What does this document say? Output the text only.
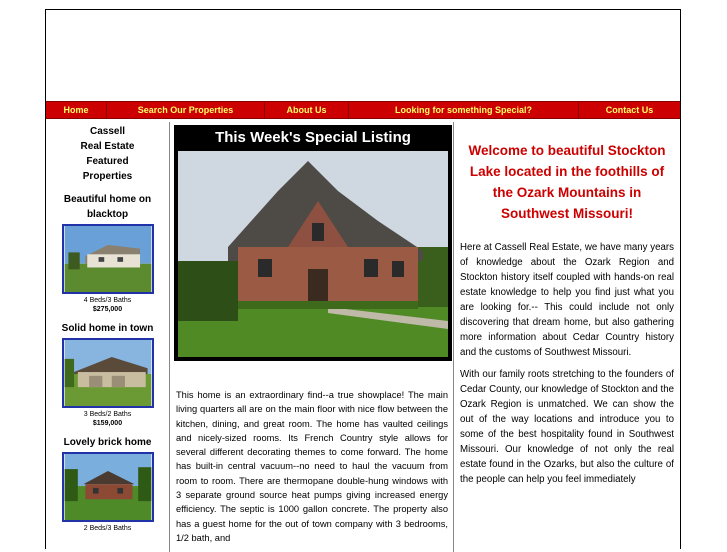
Home	Search Our Properties	About Us	Looking for something Special?	Contact Us
Cassell
Real Estate
Featured
Properties
Beautiful home on
blacktop
4 Beds/3 Baths
$275,000
Solid home in town
3 Beds/2 Baths
$159,000
Lovely brick home
2 Beds/3 Baths
This Week's Special Listing
This home is an extraordinary find--a true showplace! The main living quarters all are on the main floor with nice flow between the kitchen, dining, and great room. The home has vaulted ceilings and nicely-sized rooms. Its French Country style allows for several different decorating themes to come forward. The home has built-in central vacuum--no need to haul the vacuum from room to room. There are thermopane double-hung windows with 3 separate ground source heat pumps giving increased energy efficiency. The septic is 1000 gallon concrete. The property also has a guest home for the out of town company with 3 bedrooms, 1/2 bath, and
Welcome to beautiful Stockton Lake located in the foothills of the Ozark Mountains in Southwest Missouri!
Here at Cassell Real Estate, we have many years of knowledge about the Ozark Region and Stockton history itself coupled with hands-on real estate knowledge to help you find just what you are looking for.-- This could include not only discovering that dream home, but also gathering more information about Cedar Country history and the customs of Southwest Missouri.
With our family roots stretching to the founders of Cedar County, our knowledge of Stockton and the Ozark Region is unmatched. We can show the out of the way locations and introduce you to some of the best hospitality found in Southwest Missouri. Our knowledge of not only the real estate found in the Ozarks, but also the culture of the people can help you feel immediately
